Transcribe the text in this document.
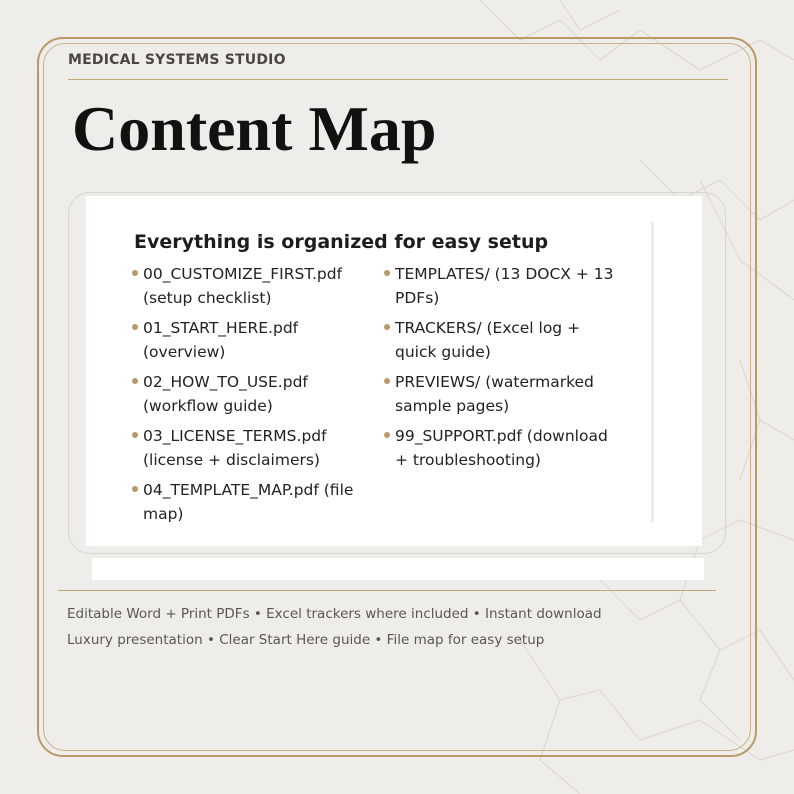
MEDICAL SYSTEMS STUDIO
Content Map
Everything is organized for easy setup
00_CUSTOMIZE_FIRST.pdf (setup checklist)
01_START_HERE.pdf (overview)
02_HOW_TO_USE.pdf (workflow guide)
03_LICENSE_TERMS.pdf (license + disclaimers)
04_TEMPLATE_MAP.pdf (file map)
TEMPLATES/ (13 DOCX + 13 PDFs)
TRACKERS/ (Excel log + quick guide)
PREVIEWS/ (watermarked sample pages)
99_SUPPORT.pdf (download + troubleshooting)
Editable Word + Print PDFs • Excel trackers where included • Instant download
Luxury presentation • Clear Start Here guide • File map for easy setup
